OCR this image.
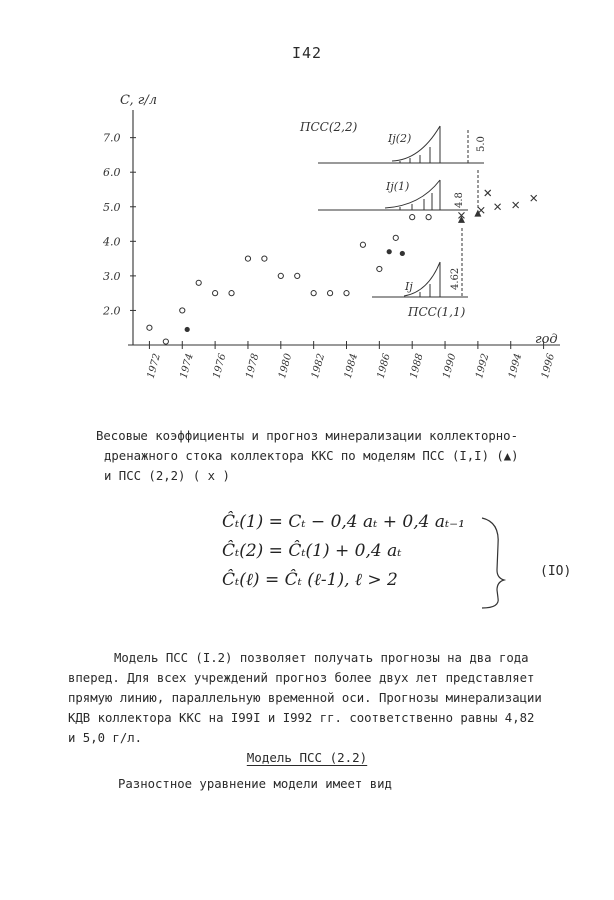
I42
C, г/л
год
2.0
3.0
4.0
5.0
6.0
7.0
1972 1974 1976 1978 1980 1982 1984 1986 1988 1990 1992 1994 1996
ПСС(2,2)
Ij(2)	5.0
Ij(1)
4.8
Ij	4.62
ПСС(1,1)
Весовые коэффициенты и прогноз минерализации коллекторно-
дренажного стока коллектора ККС по моделям ПСС (I,I) (▲)
и ПСС (2,2) ( x )
Ĉₜ(1) = Cₜ − 0,4 aₜ + 0,4 aₜ₋₁
Ĉₜ(2) = Ĉₜ(1) + 0,4 aₜ
Ĉₜ(ℓ) = Ĉₜ (ℓ-1), ℓ > 2	(IO)
Модель ПСС (I.2) позволяет получать прогнозы на два года
вперед. Для всех учреждений прогноз более двух лет представляет
прямую линию, параллельную временной оси. Прогнозы минерализации
КДВ коллектора ККС на I99I и I992 гг. соответственно равны 4,82
и 5,0 г/л.
Модель ПСС (2.2)
Разностное уравнение модели имеет вид
